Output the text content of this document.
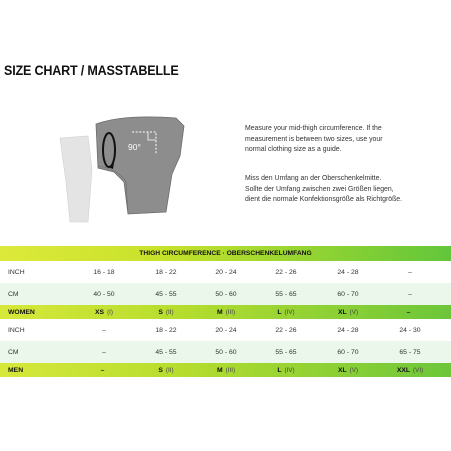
SIZE CHART / MASSTABELLE
90°
Measure your mid-thigh circumference. If the
measurement is between two sizes, use your
normal clothing size as a guide.
Miss den Umfang an der Oberschenkelmitte.
Sollte der Umfang zwischen zwei Größen liegen,
dient die normale Konfektionsgröße als Richtgröße.
THIGH CIRCUMFERENCE · OBERSCHENKELUMFANG
INCH	16 - 18	18 - 22	20 - 24	22 - 26	24 - 28	–
CM	40 - 50	45 - 55	50 - 60	55 - 65	60 - 70	–
WOMEN	XS (I)	S (II)	M (III)	L (IV)	XL (V)	–
INCH	–	18 - 22	20 - 24	22 - 26	24 - 28	24 - 30
CM	–	45 - 55	50 - 60	55 - 65	60 - 70	65 - 75
MEN	–	S (II)	M (III)	L (IV)	XL (V)	XXL (VI)
